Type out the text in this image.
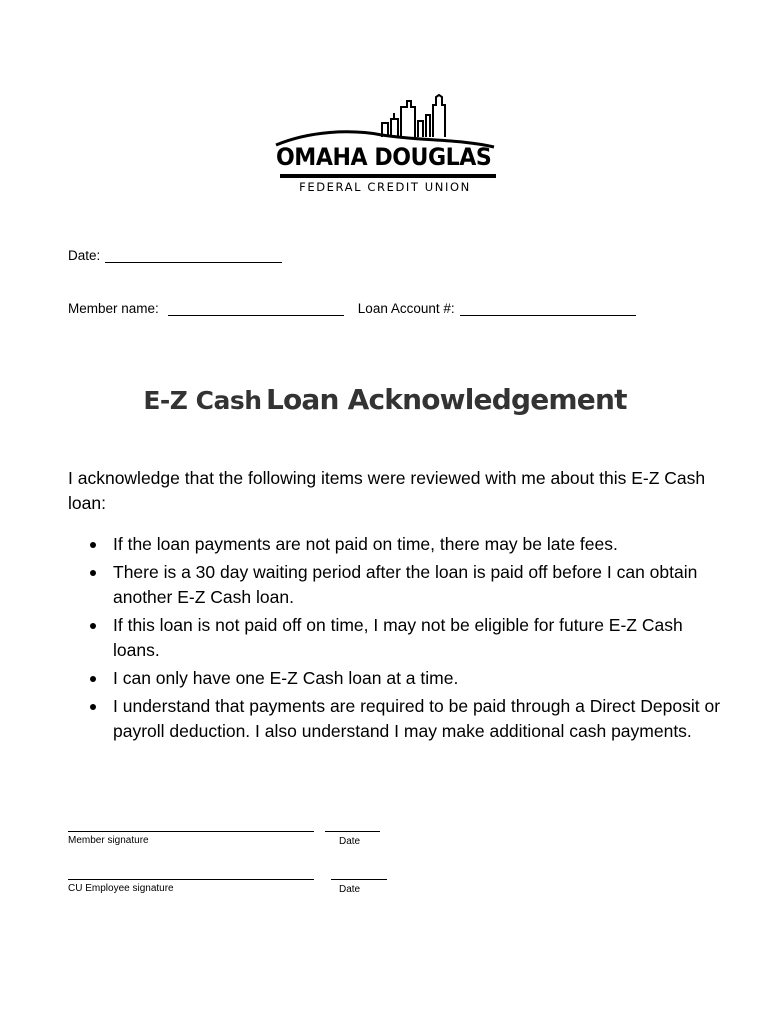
OMAHA DOUGLAS
FEDERAL CREDIT UNION
Date:
Member name:	Loan Account #:
E-Z Cash Loan Acknowledgement
I acknowledge that the following items were reviewed with me about this E-Z Cash loan:
If the loan payments are not paid on time, there may be late fees.
There is a 30 day waiting period after the loan is paid off before I can obtain another E-Z Cash loan.
If this loan is not paid off on time, I may not be eligible for future E-Z Cash loans.
I can only have one E-Z Cash loan at a time.
I understand that payments are required to be paid through a Direct Deposit or payroll deduction. I also understand I may make additional cash payments.
Member signature	Date
CU Employee signature	Date
